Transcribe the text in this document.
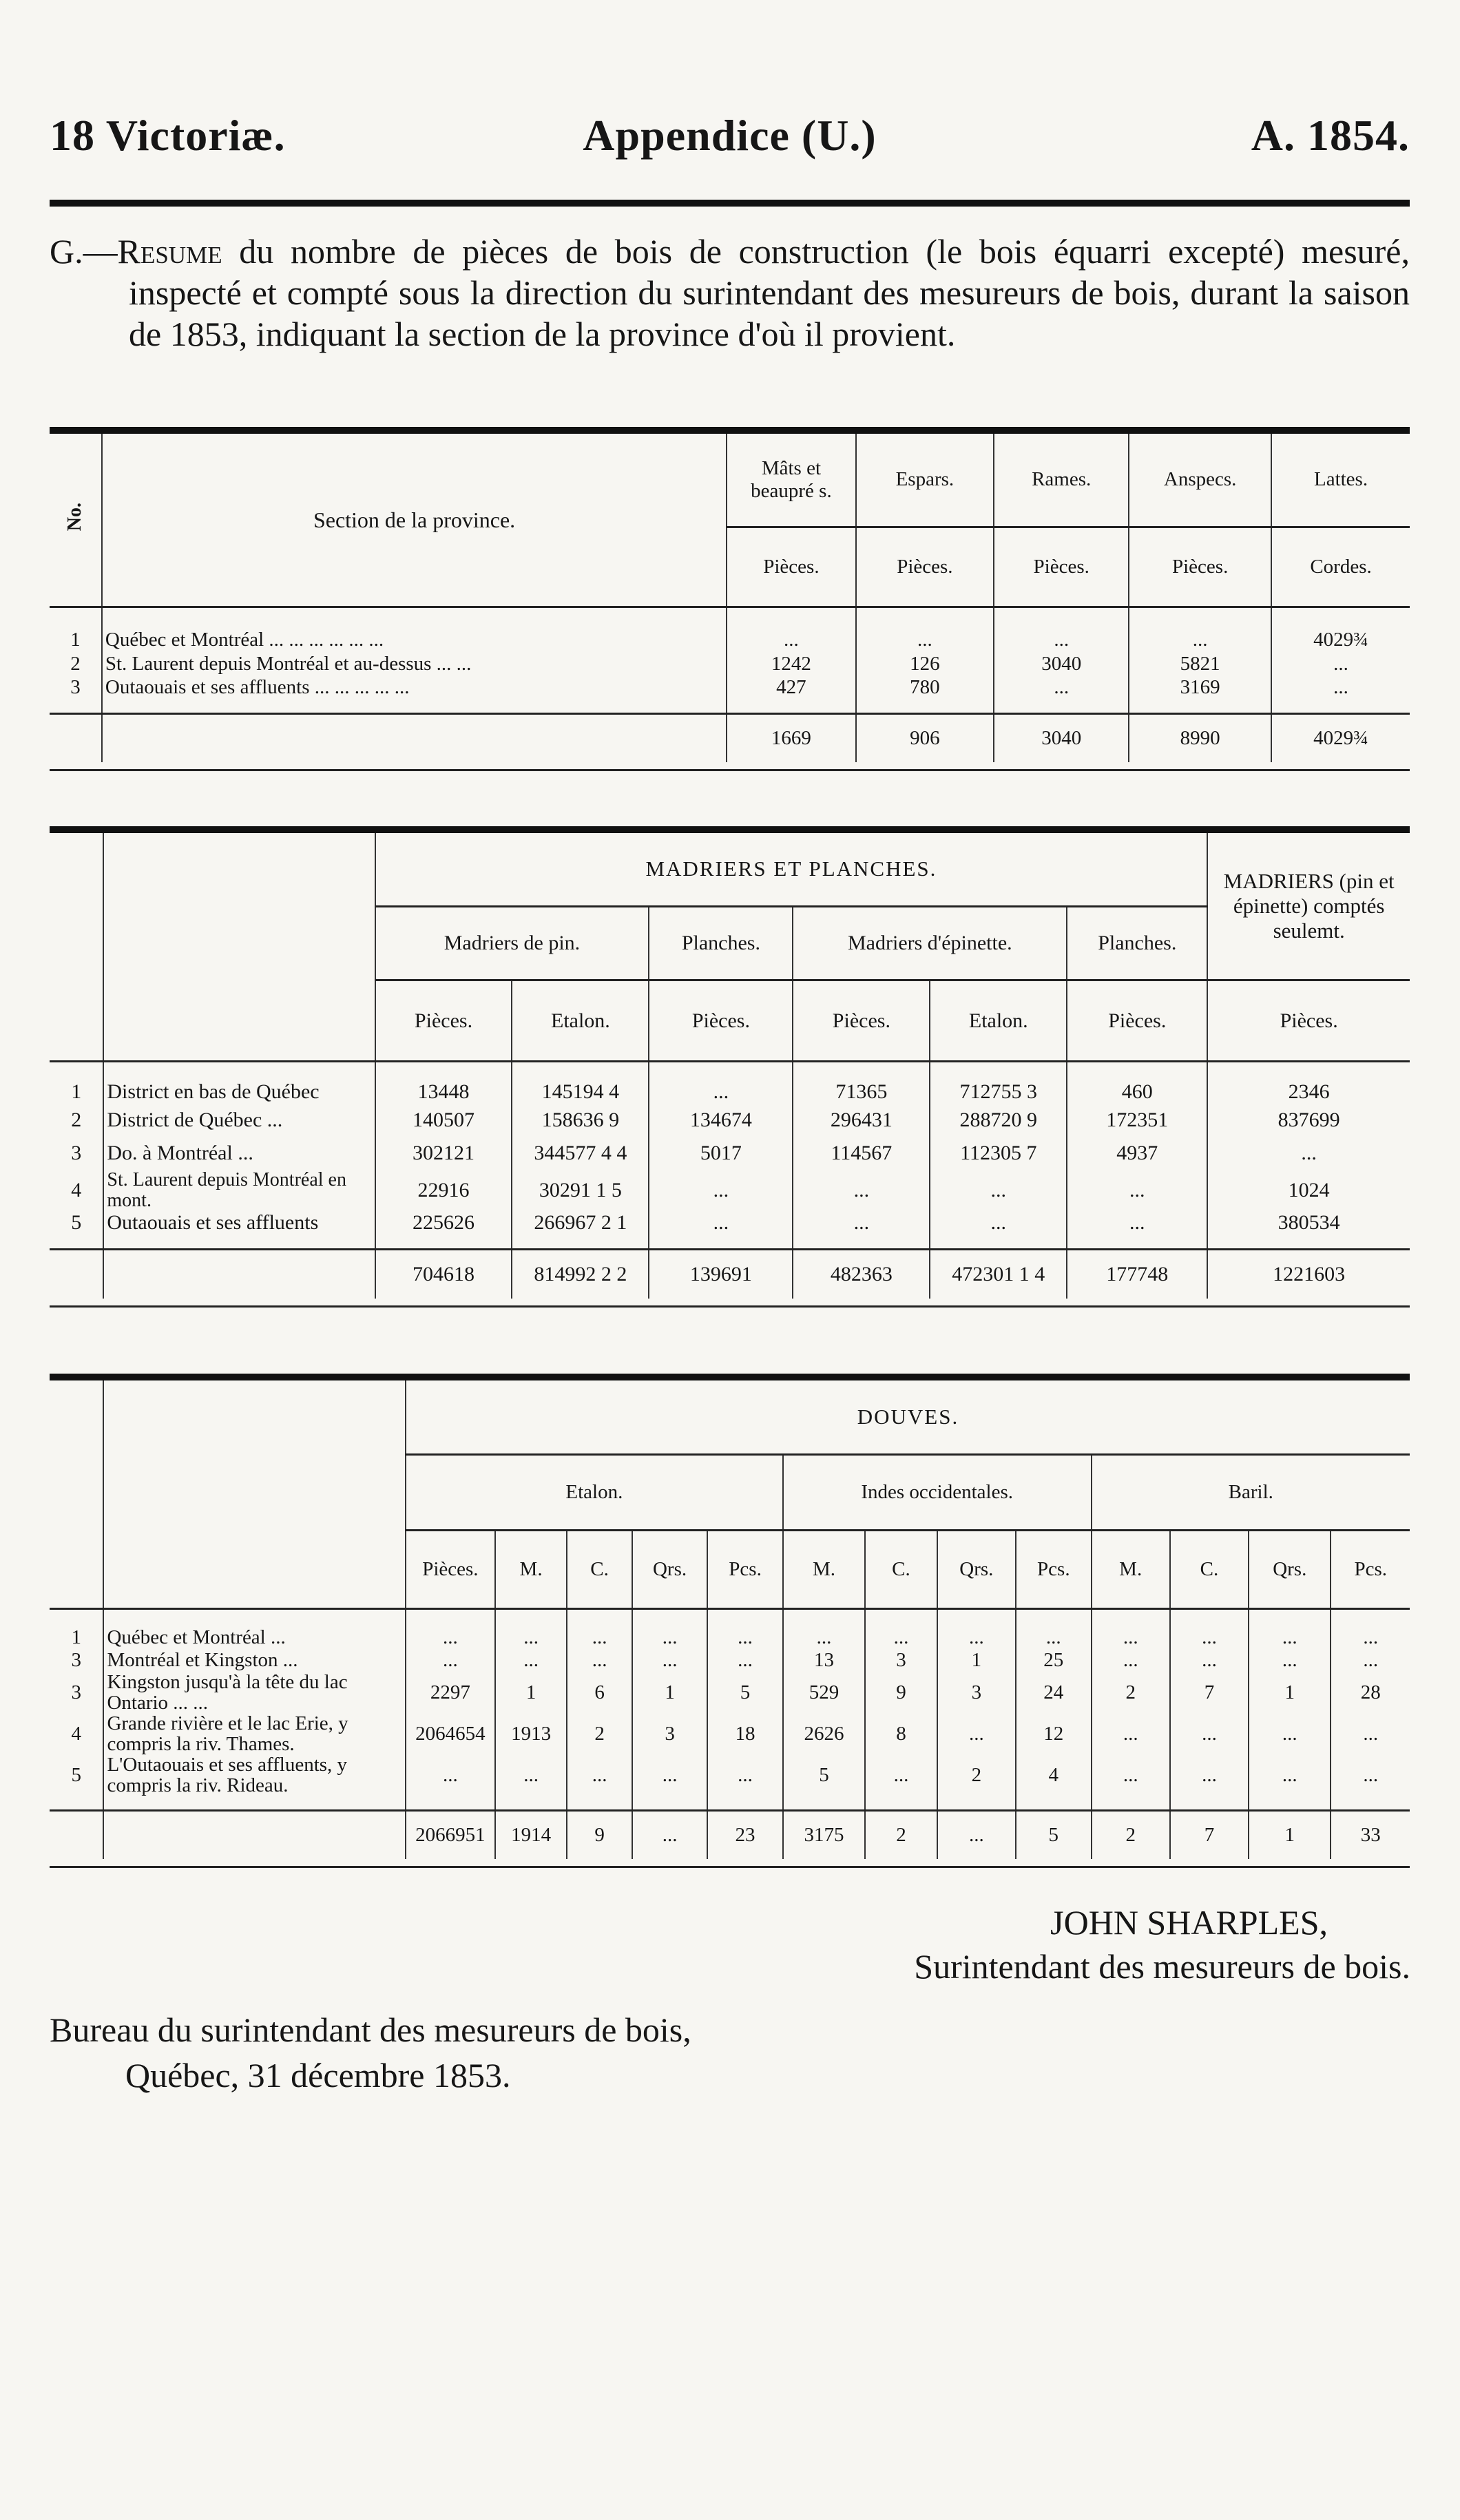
18 Victoriæ.	Appendice (U.)	A. 1854.
G.—Resume du nombre de pièces de bois de construction (le bois équarri excepté) mesuré, inspecté et compté sous la direction du surintendant des mesureurs de bois, durant la saison de 1853, indiquant la section de la province d'où il provient.
No.	Section de la province.	Mâts et beaupré s.	Espars.	Rames.	Anspecs.	Lattes.
		Pièces.	Pièces.	Pièces.	Pièces.	Cordes.
1	Québec et Montréal ... ... ... ... ... ...	...	...	...	...	4029¾
2	St. Laurent depuis Montréal et au-dessus ... ...	1242	126	3040	5821	...
3	Outaouais et ses affluents ... ... ... ... ...	427	780	...	3169	...
		1669	906	3040	8990	4029¾

		MADRIERS ET PLANCHES.						MADRIERS (pin et épinette) comptés seulemt.
		Madriers de pin.		Planches.	Madriers d'épinette.		Planches.	
		Pièces.	Etalon.	Pièces.	Pièces.	Etalon.	Pièces.	Pièces.
1	District en bas de Québec	13448	145194 4	...	71365	712755 3	460	2346
2	District de Québec ...	140507	158636 9	134674	296431	288720 9	172351	837699
3	Do. à Montréal ...	302121	344577 4 4	5017	114567	112305 7	4937	...
4	St. Laurent depuis Montréal en mont.	22916	30291 1 5	...	...	...	...	1024
5	Outaouais et ses affluents	225626	266967 2 1	...	...	...	...	380534
		704618	814992 2 2	139691	482363	472301 1 4	177748	1221603

		DOUVES.												
		Etalon.					Indes occidentales.				Baril.			
		Pièces.	M.	C.	Qrs.	Pcs.	M.	C.	Qrs.	Pcs.	M.	C.	Qrs.	Pcs.
1	Québec et Montréal ...	...	...	...	...	...	...	...	...	...	...	...	...	...
3	Montréal et Kingston ...	...	...	...	...	...	13	3	1	25	...	...	...	...
3	Kingston jusqu'à la tête du lac Ontario ... ...	2297	1	6	1	5	529	9	3	24	2	7	1	28
4	Grande rivière et le lac Erie, y compris la riv. Thames.	2064654	1913	2	3	18	2626	8	...	12	...	...	...	...
5	L'Outaouais et ses affluents, y compris la riv. Rideau.	...	...	...	...	...	5	...	2	4	...	...	...	...
		2066951	1914	9	...	23	3175	2	...	5	2	7	1	33

JOHN SHARPLES,
Surintendant des mesureurs de bois.
Bureau du surintendant des mesureurs de bois,
Québec, 31 décembre 1853.
